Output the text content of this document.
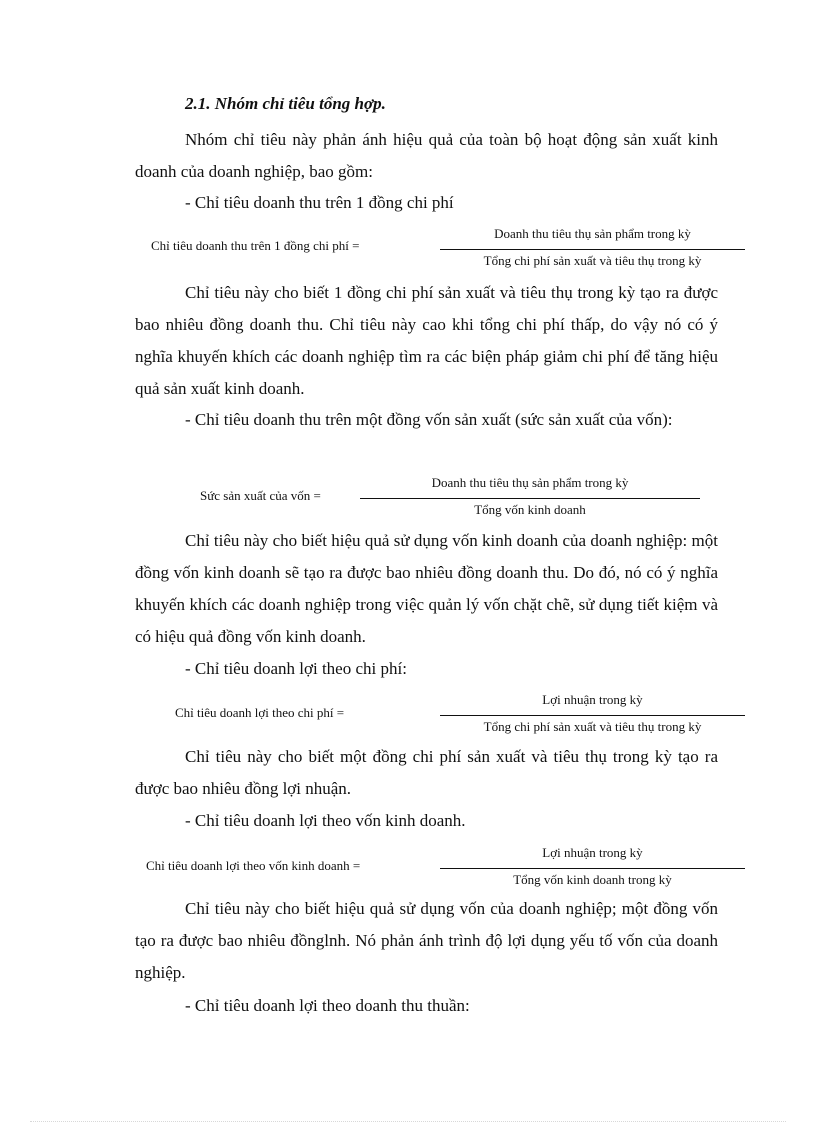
2.1. Nhóm chỉ tiêu tổng hợp.

Nhóm chỉ tiêu này phản ánh hiệu quả của toàn bộ hoạt động sản xuất kinh doanh của doanh nghiệp, bao gồm:

- Chỉ tiêu doanh thu trên 1 đồng chi phí
Chỉ tiêu doanh thu trên 1 đồng chi phí =
Doanh thu tiêu thụ sản phẩm trong kỳ
Tổng chi phí sản xuất và tiêu thụ trong kỳ

Chỉ tiêu này cho biết 1 đồng chi phí sản xuất và tiêu thụ trong kỳ tạo ra được bao nhiêu đồng doanh thu. Chỉ tiêu này cao khi tổng chi phí thấp, do vậy nó có ý nghĩa khuyến khích các doanh nghiệp tìm ra các biện pháp giảm chi phí để tăng hiệu quả sản xuất kinh doanh.

- Chỉ tiêu doanh thu trên một đồng vốn sản xuất (sức sản xuất của vốn):

Sức sản xuất của vốn =
Doanh thu tiêu thụ sản phẩm trong kỳ
Tổng vốn kinh doanh

Chỉ tiêu này cho biết hiệu quả sử dụng vốn kinh doanh của doanh nghiệp: một đồng vốn kinh doanh sẽ tạo ra được bao nhiêu đồng doanh thu. Do đó, nó có ý nghĩa khuyến khích các doanh nghiệp trong việc quản lý vốn chặt chẽ, sử dụng tiết kiệm và có hiệu quả đồng vốn kinh doanh.

- Chỉ tiêu doanh lợi theo chi phí:
Chỉ tiêu doanh lợi theo chi phí =
Lợi nhuận trong kỳ
Tổng chi phí sản xuất và tiêu thụ trong kỳ

Chỉ tiêu này cho biết một đồng chi phí sản xuất và tiêu thụ trong kỳ tạo ra được bao nhiêu đồng lợi nhuận.

- Chỉ tiêu doanh lợi theo vốn kinh doanh.
Chỉ tiêu doanh lợi theo vốn kinh doanh =
Lợi nhuận trong kỳ
Tổng vốn kinh doanh trong kỳ

Chỉ tiêu này cho biết hiệu quả sử dụng vốn của doanh nghiệp; một đồng vốn tạo ra được bao nhiêu đồnglnh. Nó phản ánh trình độ lợi dụng yếu tố vốn của doanh nghiệp.

- Chỉ tiêu doanh lợi theo doanh thu thuần:
